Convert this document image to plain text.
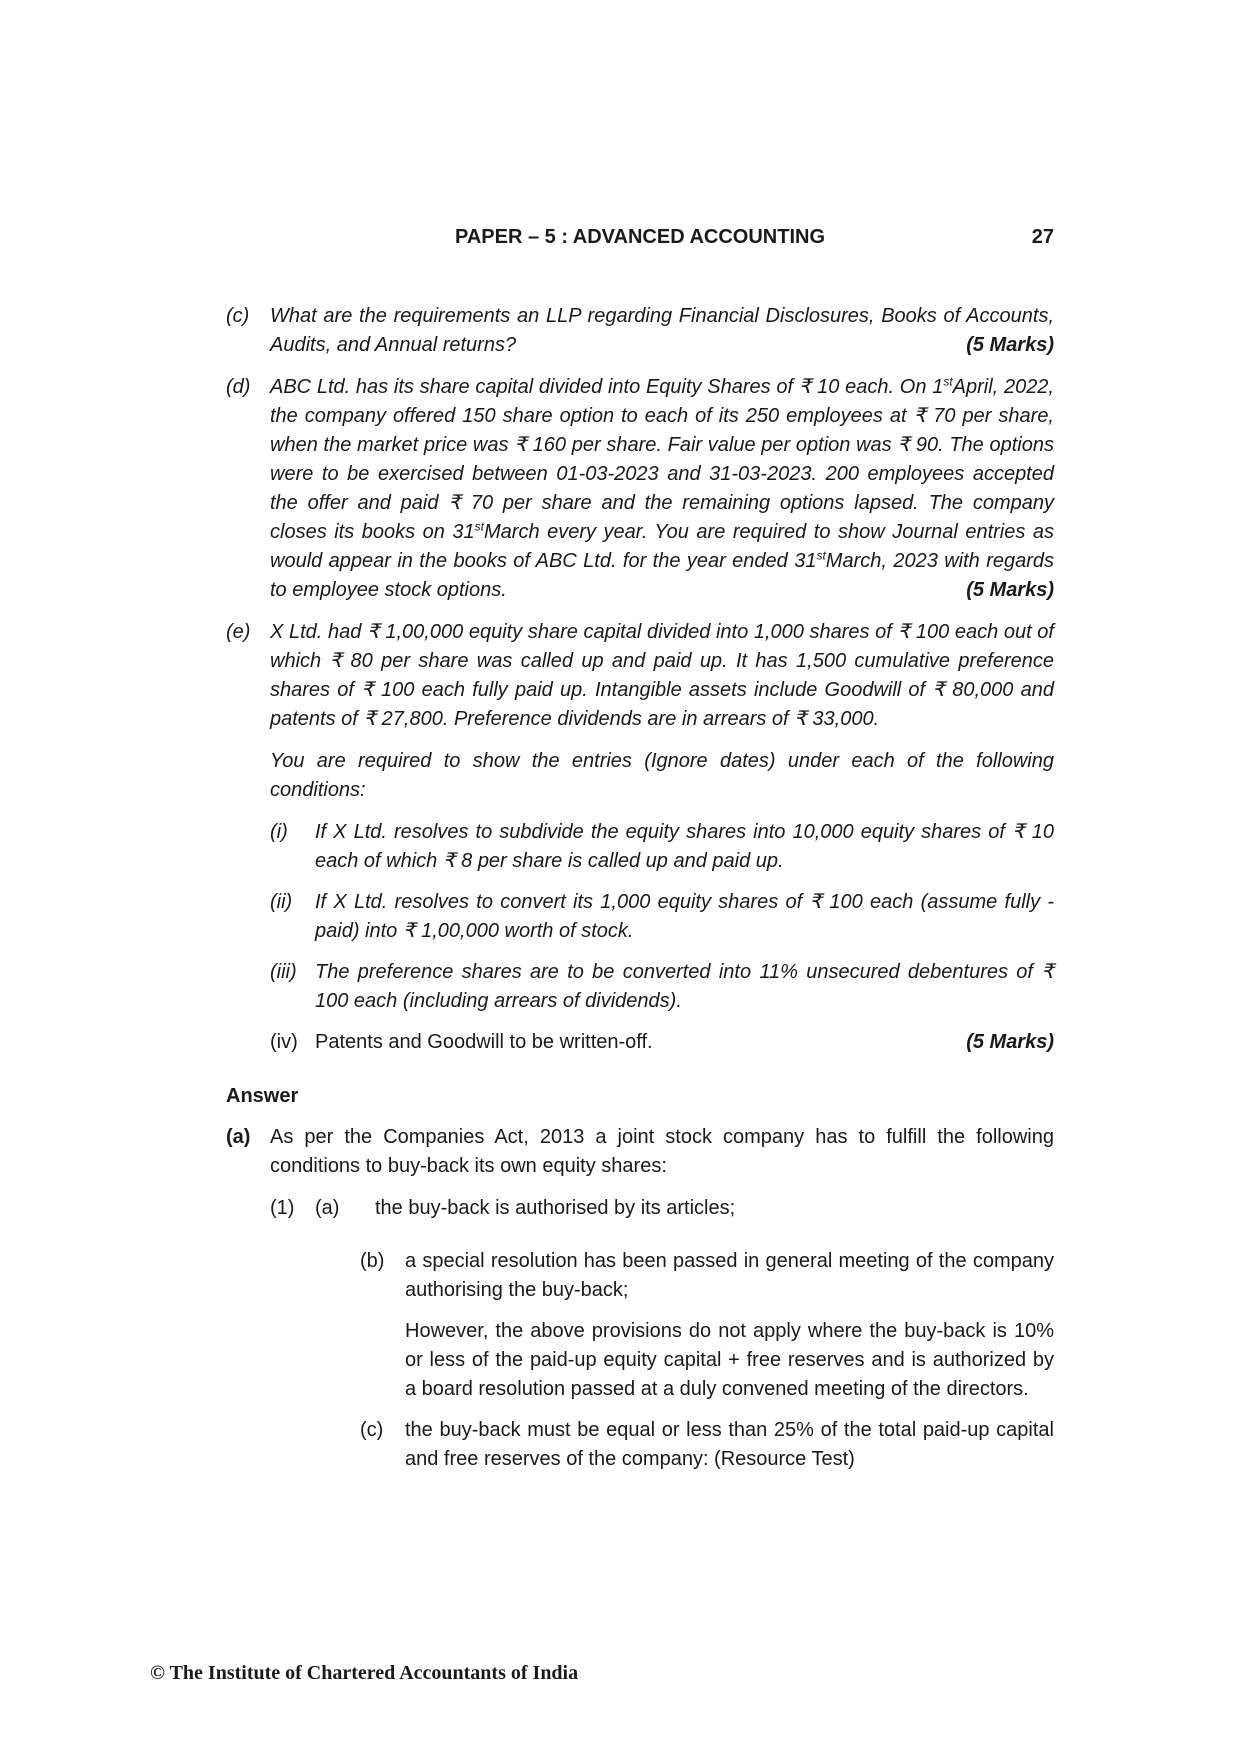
PAPER – 5 : ADVANCED ACCOUNTING	27
(c)	What are the requirements an LLP regarding Financial Disclosures, Books of Accounts, Audits, and Annual returns?	(5 Marks)
(d) ABC Ltd. has its share capital divided into Equity Shares of ₹ 10 each. On 1stApril, 2022, the company offered 150 share option to each of its 250 employees at ₹ 70 per share, when the market price was ₹ 160 per share. Fair value per option was ₹ 90. The options were to be exercised between 01-03-2023 and 31-03-2023. 200 employees accepted the offer and paid ₹ 70 per share and the remaining options lapsed. The company closes its books on 31stMarch every year. You are required to show Journal entries as would appear in the books of ABC Ltd. for the year ended 31stMarch, 2023 with regards to employee stock options.	(5 Marks)
(e) X Ltd. had ₹ 1,00,000 equity share capital divided into 1,000 shares of ₹ 100 each out of which ₹ 80 per share was called up and paid up. It has 1,500 cumulative preference shares of ₹ 100 each fully paid up. Intangible assets include Goodwill of ₹ 80,000 and patents of ₹ 27,800. Preference dividends are in arrears of ₹ 33,000.
You are required to show the entries (Ignore dates) under each of the following conditions:
(i)	If X Ltd. resolves to subdivide the equity shares into 10,000 equity shares of ₹ 10 each of which ₹ 8 per share is called up and paid up.
(ii)	If X Ltd. resolves to convert its 1,000 equity shares of ₹ 100 each (assume fully - paid) into ₹ 1,00,000 worth of stock.
(iii) The preference shares are to be converted into 11% unsecured debentures of ₹ 100 each (including arrears of dividends).
(iv) Patents and Goodwill to be written-off.	(5 Marks)
Answer
(a) As per the Companies Act, 2013 a joint stock company has to fulfill the following conditions to buy-back its own equity shares:
(1)	(a)	the buy-back is authorised by its articles;
(b)	a special resolution has been passed in general meeting of the company authorising the buy-back;
However, the above provisions do not apply where the buy-back is 10% or less of the paid-up equity capital + free reserves and is authorized by a board resolution passed at a duly convened meeting of the directors.
(c)	the buy-back must be equal or less than 25% of the total paid-up capital and free reserves of the company: (Resource Test)
© The Institute of Chartered Accountants of India
